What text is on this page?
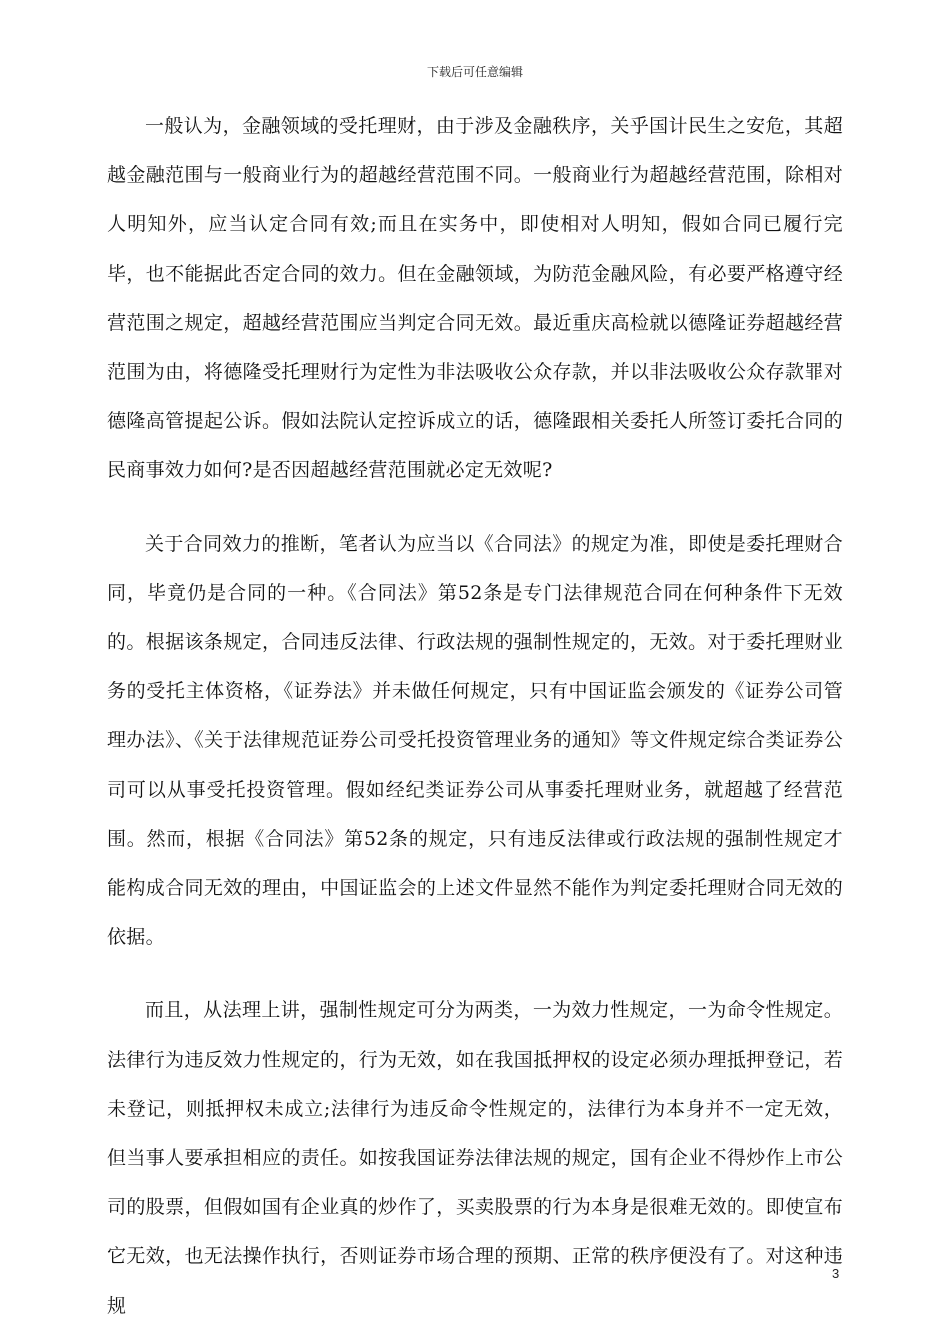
下载后可任意编辑

一般认为，金融领域的受托理财，由于涉及金融秩序，关乎国计民生之安危，其超越金融范围与一般商业行为的超越经营范围不同。一般商业行为超越经营范围，除相对人明知外，应当认定合同有效;而且在实务中，即使相对人明知，假如合同已履行完毕，也不能据此否定合同的效力。但在金融领域，为防范金融风险，有必要严格遵守经营范围之规定，超越经营范围应当判定合同无效。最近重庆高检就以德隆证券超越经营范围为由，将德隆受托理财行为定性为非法吸收公众存款，并以非法吸收公众存款罪对德隆高管提起公诉。假如法院认定控诉成立的话，德隆跟相关委托人所签订委托合同的民商事效力如何?是否因超越经营范围就必定无效呢?

关于合同效力的推断，笔者认为应当以《合同法》的规定为准，即使是委托理财合同，毕竟仍是合同的一种。《合同法》第52条是专门法律规范合同在何种条件下无效的。根据该条规定，合同违反法律、行政法规的强制性规定的，无效。对于委托理财业务的受托主体资格，《证券法》并未做任何规定，只有中国证监会颁发的《证券公司管理办法》、《关于法律规范证券公司受托投资管理业务的通知》等文件规定综合类证券公司可以从事受托投资管理。假如经纪类证券公司从事委托理财业务，就超越了经营范围。然而，根据《合同法》第52条的规定，只有违反法律或行政法规的强制性规定才能构成合同无效的理由，中国证监会的上述文件显然不能作为判定委托理财合同无效的依据。

而且，从法理上讲，强制性规定可分为两类，一为效力性规定，一为命令性规定。法律行为违反效力性规定的，行为无效，如在我国抵押权的设定必须办理抵押登记，若未登记，则抵押权未成立;法律行为违反命令性规定的，法律行为本身并不一定无效，但当事人要承担相应的责任。如按我国证券法律法规的规定，国有企业不得炒作上市公司的股票，但假如国有企业真的炒作了，买卖股票的行为本身是很难无效的。即使宣布它无效，也无法操作执行，否则证券市场合理的预期、正常的秩序便没有了。对这种违规

3
